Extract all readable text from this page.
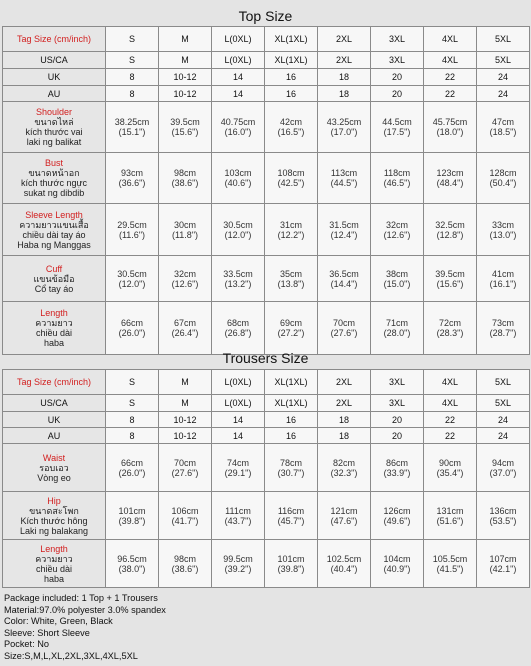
Top Size
Tag Size (cm/inch)	S	M	L(0XL)	XL(1XL)	2XL	3XL	4XL	5XL
US/CA	S	M	L(0XL)	XL(1XL)	2XL	3XL	4XL	5XL
UK	8	10-12	14	16	18	20	22	24
AU	8	10-12	14	16	18	20	22	24
Shoulder
ขนาดไหล่
kích thước vai
laki ng balikat	38.25cm
(15.1")	39.5cm
(15.6")	40.75cm
(16.0")	42cm
(16.5")	43.25cm
(17.0")	44.5cm
(17.5")	45.75cm
(18.0")	47cm
(18.5")

Bust
ขนาดหน้าอก
kích thước ngực
sukat ng dibdib	93cm
(36.6")	98cm
(38.6")	103cm
(40.6")	108cm
(42.5")	113cm
(44.5")	118cm
(46.5")	123cm
(48.4")	128cm
(50.4")

Sleeve Length
ความยาวแขนเสื้อ
chiều dài tay áo
Haba ng Manggas	29.5cm
(11.6")	30cm
(11.8")	30.5cm
(12.0")	31cm
(12.2")	31.5cm
(12.4")	32cm
(12.6")	32.5cm
(12.8")	33cm
(13.0")

Cuff
แขนข้อมือ
Cổ tay áo	30.5cm
(12.0")	32cm
(12.6")	33.5cm
(13.2")	35cm
(13.8")	36.5cm
(14.4")	38cm
(15.0")	39.5cm
(15.6")	41cm
(16.1")

Length
ความยาว
chiều dài
haba	66cm
(26.0")	67cm
(26.4")	68cm
(26.8")	69cm
(27.2")	70cm
(27.6")	71cm
(28.0")	72cm
(28.3")	73cm
(28.7")
Trousers Size
Tag Size (cm/inch)	S	M	L(0XL)	XL(1XL)	2XL	3XL	4XL	5XL
US/CA	S	M	L(0XL)	XL(1XL)	2XL	3XL	4XL	5XL
UK	8	10-12	14	16	18	20	22	24
AU	8	10-12	14	16	18	20	22	24
Waist
รอบเอว
Vòng eo	66cm
(26.0")	70cm
(27.6")	74cm
(29.1")	78cm
(30.7")	82cm
(32.3")	86cm
(33.9")	90cm
(35.4")	94cm
(37.0")

Hip
ขนาดสะโพก
Kích thước hông
Laki ng balakang	101cm
(39.8")	106cm
(41.7")	111cm
(43.7")	116cm
(45.7")	121cm
(47.6")	126cm
(49.6")	131cm
(51.6")	136cm
(53.5")

Length
ความยาว
chiều dài
haba	96.5cm
(38.0")	98cm
(38.6")	99.5cm
(39.2")	101cm
(39.8")	102.5cm
(40.4")	104cm
(40.9")	105.5cm
(41.5")	107cm
(42.1")
Package included: 1 Top + 1 Trousers
Material:97.0% polyester 3.0% spandex
Color: White, Green, Black
Sleeve: Short Sleeve
Pocket: No
Size:S,M,L,XL,2XL,3XL,4XL,5XL
